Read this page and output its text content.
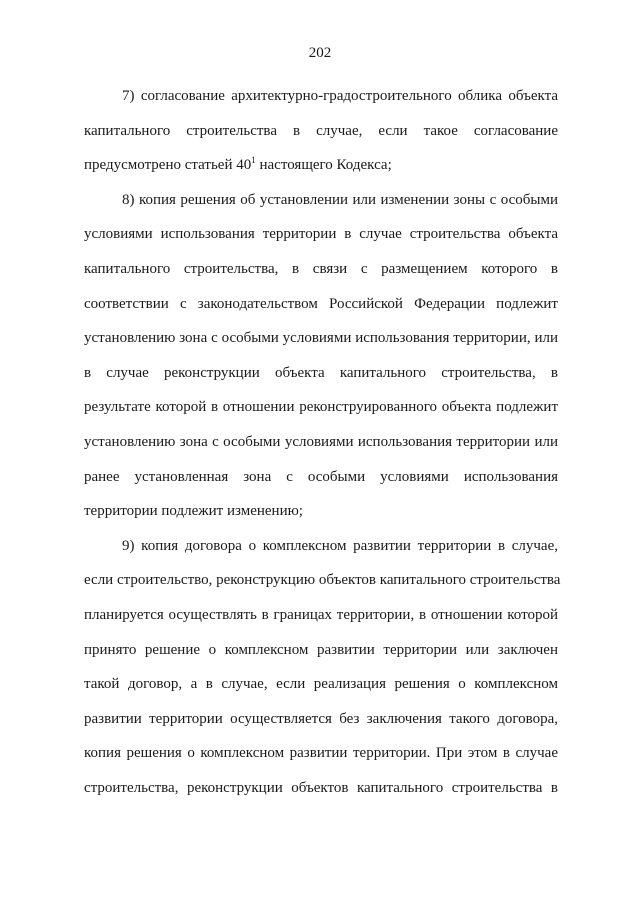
202

7) согласование архитектурно-градостроительного облика объекта
капитального строительства в случае, если такое согласование
предусмотрено статьей $40^1$ настоящего Кодекса;

8) копия решения об установлении или изменении зоны с особыми
условиями использования территории в случае строительства объекта
капитального строительства, в связи с размещением которого в
соответствии с законодательством Российской Федерации подлежит
установлению зона с особыми условиями использования территории, или
в случае реконструкции объекта капитального строительства, в
результате которой в отношении реконструированного объекта подлежит
установлению зона с особыми условиями использования территории или
ранее установленная зона с особыми условиями использования
территории подлежит изменению;

9) копия договора о комплексном развитии территории в случае,
если строительство, реконструкцию объектов капитального строительства
планируется осуществлять в границах территории, в отношении которой
принято решение о комплексном развитии территории или заключен
такой договор, а в случае, если реализация решения о комплексном
развитии территории осуществляется без заключения такого договора,
копия решения о комплексном развитии территории. При этом в случае
строительства, реконструкции объектов капитального строительства в
